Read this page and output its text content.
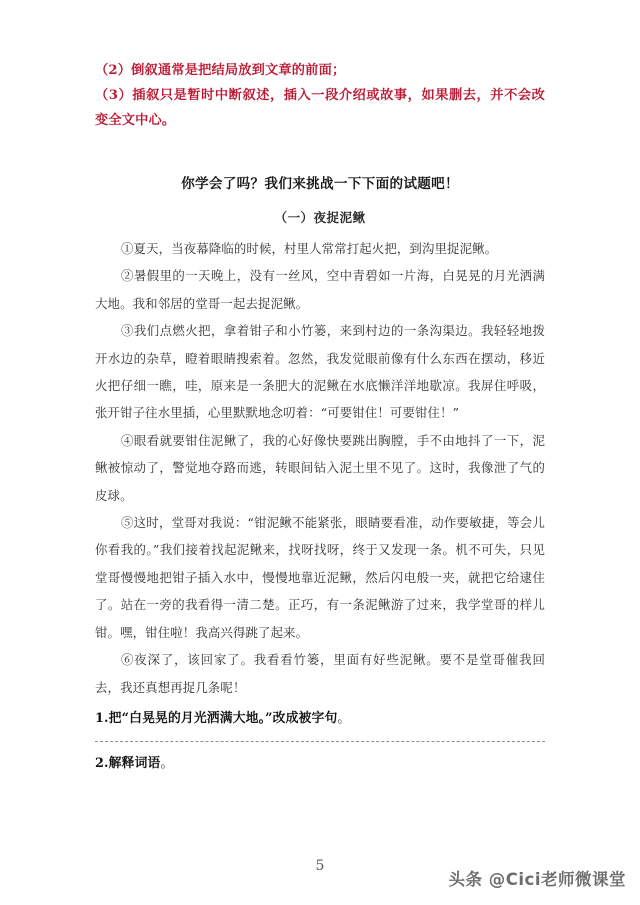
（2）倒叙通常是把结局放到文章的前面；

（3）插叙只是暂时中断叙述，插入一段介绍或故事，如果删去，并不会改变全文中心。

你学会了吗？我们来挑战一下下面的试题吧！
（一）夜捉泥鳅

①夏天，当夜幕降临的时候，村里人常常打起火把，到沟里捉泥鳅。

②暑假里的一天晚上，没有一丝风，空中青碧如一片海，白晃晃的月光洒满大地。我和邻居的堂哥一起去捉泥鳅。

③我们点燃火把，拿着钳子和小竹篓，来到村边的一条沟渠边。我轻轻地拨开水边的杂草，瞪着眼睛搜索着。忽然，我发觉眼前像有什么东西在摆动，移近火把仔细一瞧，哇，原来是一条肥大的泥鳅在水底懒洋洋地歇凉。我屏住呼吸，张开钳子往水里插，心里默默地念叨着：“可要钳住！可要钳住！”

④眼看就要钳住泥鳅了，我的心好像快要跳出胸膛，手不由地抖了一下，泥鳅被惊动了，警觉地夺路而逃，转眼间钻入泥土里不见了。这时，我像泄了气的皮球。

⑤这时，堂哥对我说：“钳泥鳅不能紧张，眼睛要看准，动作要敏捷，等会儿你看我的。”我们接着找起泥鳅来，找呀找呀，终于又发现一条。机不可失，只见堂哥慢慢地把钳子插入水中，慢慢地靠近泥鳅，然后闪电般一夹，就把它给逮住了。站在一旁的我看得一清二楚。正巧，有一条泥鳅游了过来，我学堂哥的样儿钳。嘿，钳住啦！我高兴得跳了起来。

⑥夜深了，该回家了。我看看竹篓，里面有好些泥鳅。要不是堂哥催我回去，我还真想再捉几条呢！

1.把“白晃晃的月光洒满大地。”改成被字句。

2.解释词语。

5
头条 @Cici老师微课堂
